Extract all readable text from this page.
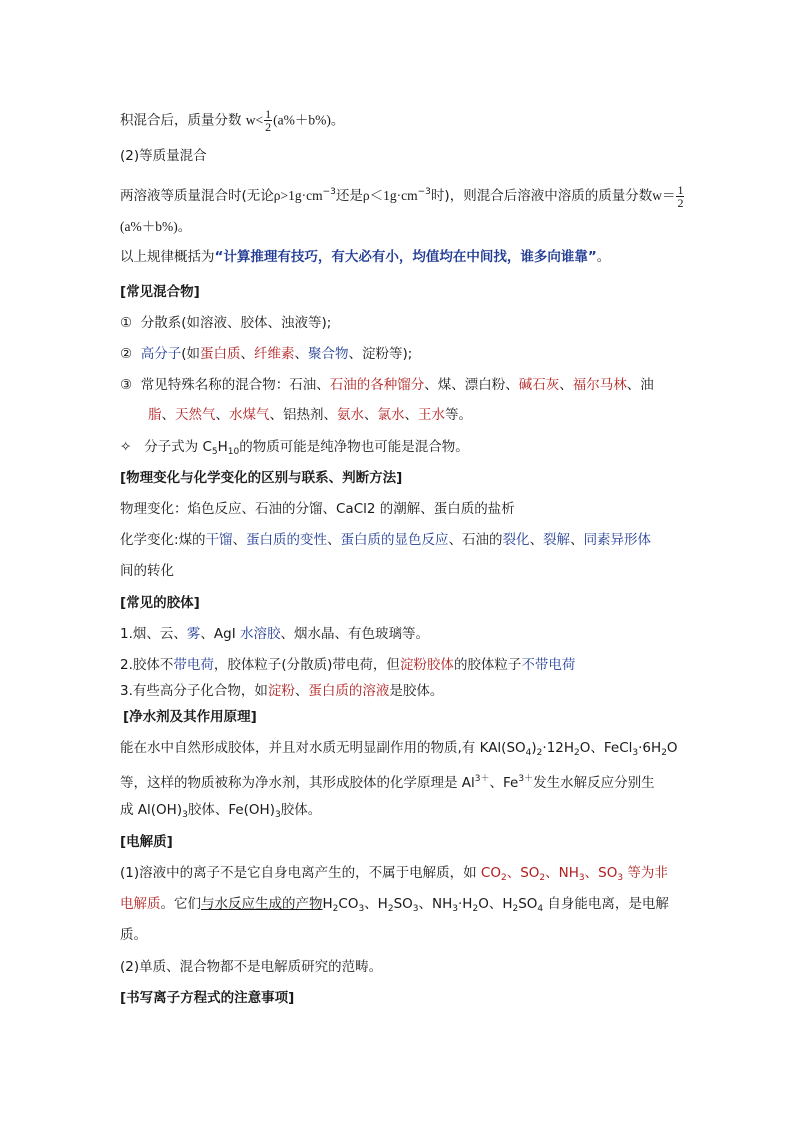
积混合后，质量分数 $w< \frac{1}{2} (a\%+b\%)$。
(2)等质量混合
两溶液等质量混合时(无论$\rho>1g\cdot cm^{-3}$还是$\rho<1g\cdot cm^{-3}$时)，则混合后溶液中溶质的质量分数$w= \frac{1}{2}$
(a%＋b%)。
以上规律概括为“计算推理有技巧，有大必有小，均值均在中间找，谁多向谁靠”。
[常见混合物]
① 分散系(如溶液、胶体、浊液等);
② 高分子(如蛋白质、纤维素、聚合物、淀粉等);
③ 常见特殊名称的混合物：石油、石油的各种馏分、煤、漂白粉、碱石灰、福尔马林、油
脂、天然气、水煤气、铝热剂、氨水、氯水、王水等。
✧ 分子式为 $C_5H_{10}$的物质可能是纯净物也可能是混合物。
[物理变化与化学变化的区别与联系、判断方法]
物理变化：焰色反应、石油的分馏、CaCl2 的潮解、蛋白质的盐析
化学变化:煤的干馏、蛋白质的变性、蛋白质的显色反应、石油的裂化、裂解、同素异形体
间的转化
[常见的胶体]
1.烟、云、雾、AgI 水溶胶、烟水晶、有色玻璃等。
2.胶体不带电荷，胶体粒子(分散质)带电荷，但淀粉胶体的胶体粒子不带电荷
3.有些高分子化合物，如淀粉、蛋白质的溶液是胶体。
[净水剂及其作用原理]
能在水中自然形成胶体，并且对水质无明显副作用的物质,有 $KAl(SO_4)_2\cdot 12H_2O$、$FeCl_3\cdot 6H_2O$
等，这样的物质被称为净水剂，其形成胶体的化学原理是 $Al^{3+}$、$Fe^{3+}$发生水解反应分别生
成 $Al(OH)_3$胶体、$Fe(OH)_3$胶体。
[电解质]
(1)溶液中的离子不是它自身电离产生的，不属于电解质，如 $CO_2$、$SO_2$、$NH_3$、$SO_3$ 等为非
电解质。它们与水反应生成的产物$H_2CO_3$、$H_2SO_3$、$NH_3\cdot H_2O$、$H_2SO_4$ 自身能电离，是电解
质。
(2)单质、混合物都不是电解质研究的范畴。
[书写离子方程式的注意事项]
